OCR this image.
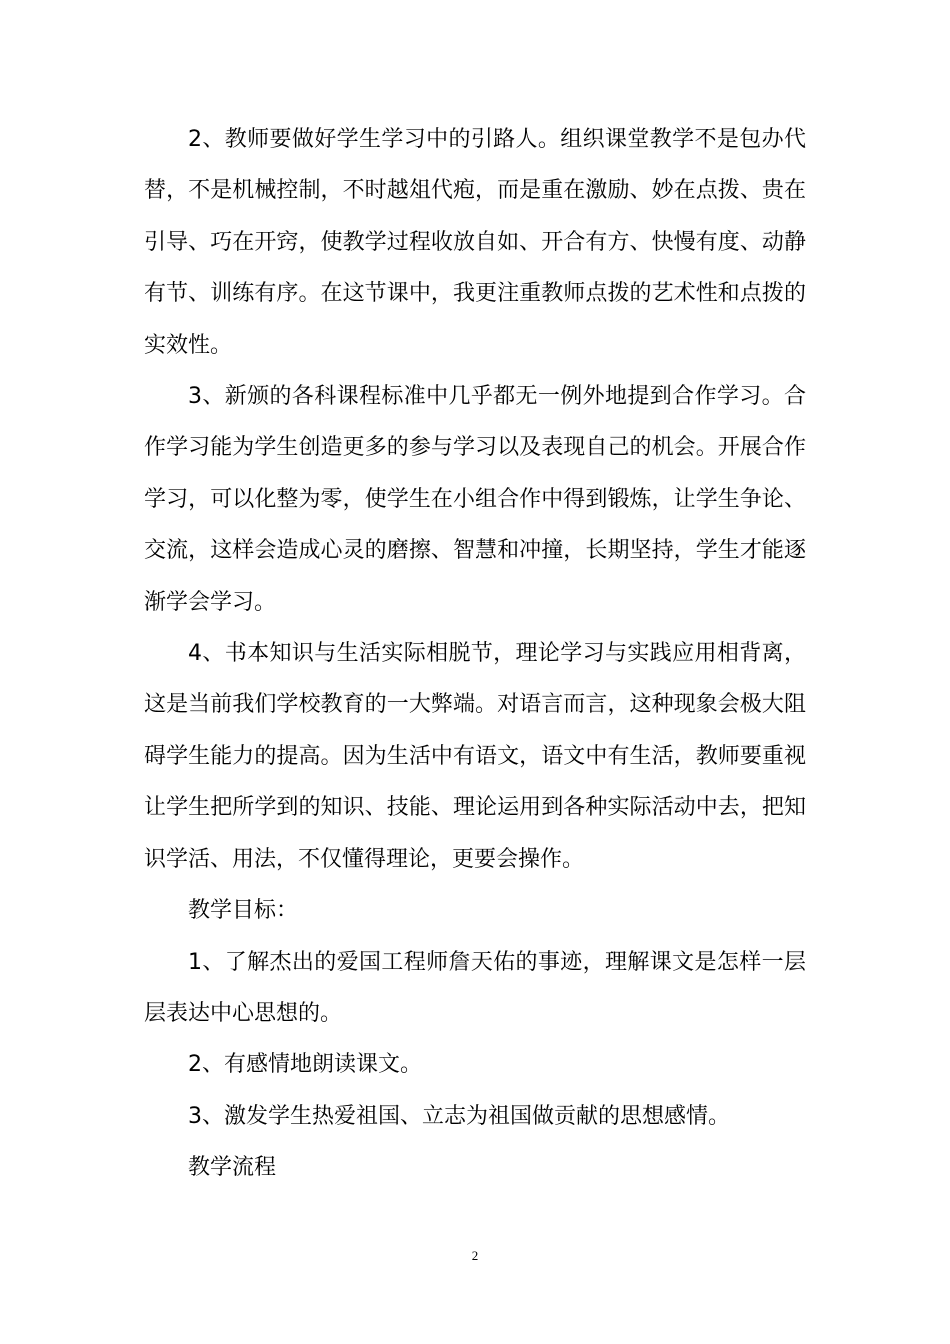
2、教师要做好学生学习中的引路人。组织课堂教学不是包办代替，不是机械控制，不时越俎代疱，而是重在激励、妙在点拨、贵在引导、巧在开窍，使教学过程收放自如、开合有方、快慢有度、动静有节、训练有序。在这节课中，我更注重教师点拨的艺术性和点拨的实效性。

3、新颁的各科课程标准中几乎都无一例外地提到合作学习。合作学习能为学生创造更多的参与学习以及表现自己的机会。开展合作学习，可以化整为零，使学生在小组合作中得到锻炼，让学生争论、交流，这样会造成心灵的磨擦、智慧和冲撞，长期坚持，学生才能逐渐学会学习。

4、书本知识与生活实际相脱节，理论学习与实践应用相背离，这是当前我们学校教育的一大弊端。对语言而言，这种现象会极大阻碍学生能力的提高。因为生活中有语文，语文中有生活，教师要重视让学生把所学到的知识、技能、理论运用到各种实际活动中去，把知识学活、用法，不仅懂得理论，更要会操作。

教学目标：

1、了解杰出的爱国工程师詹天佑的事迹，理解课文是怎样一层层表达中心思想的。

2、有感情地朗读课文。

3、激发学生热爱祖国、立志为祖国做贡献的思想感情。

教学流程

2
